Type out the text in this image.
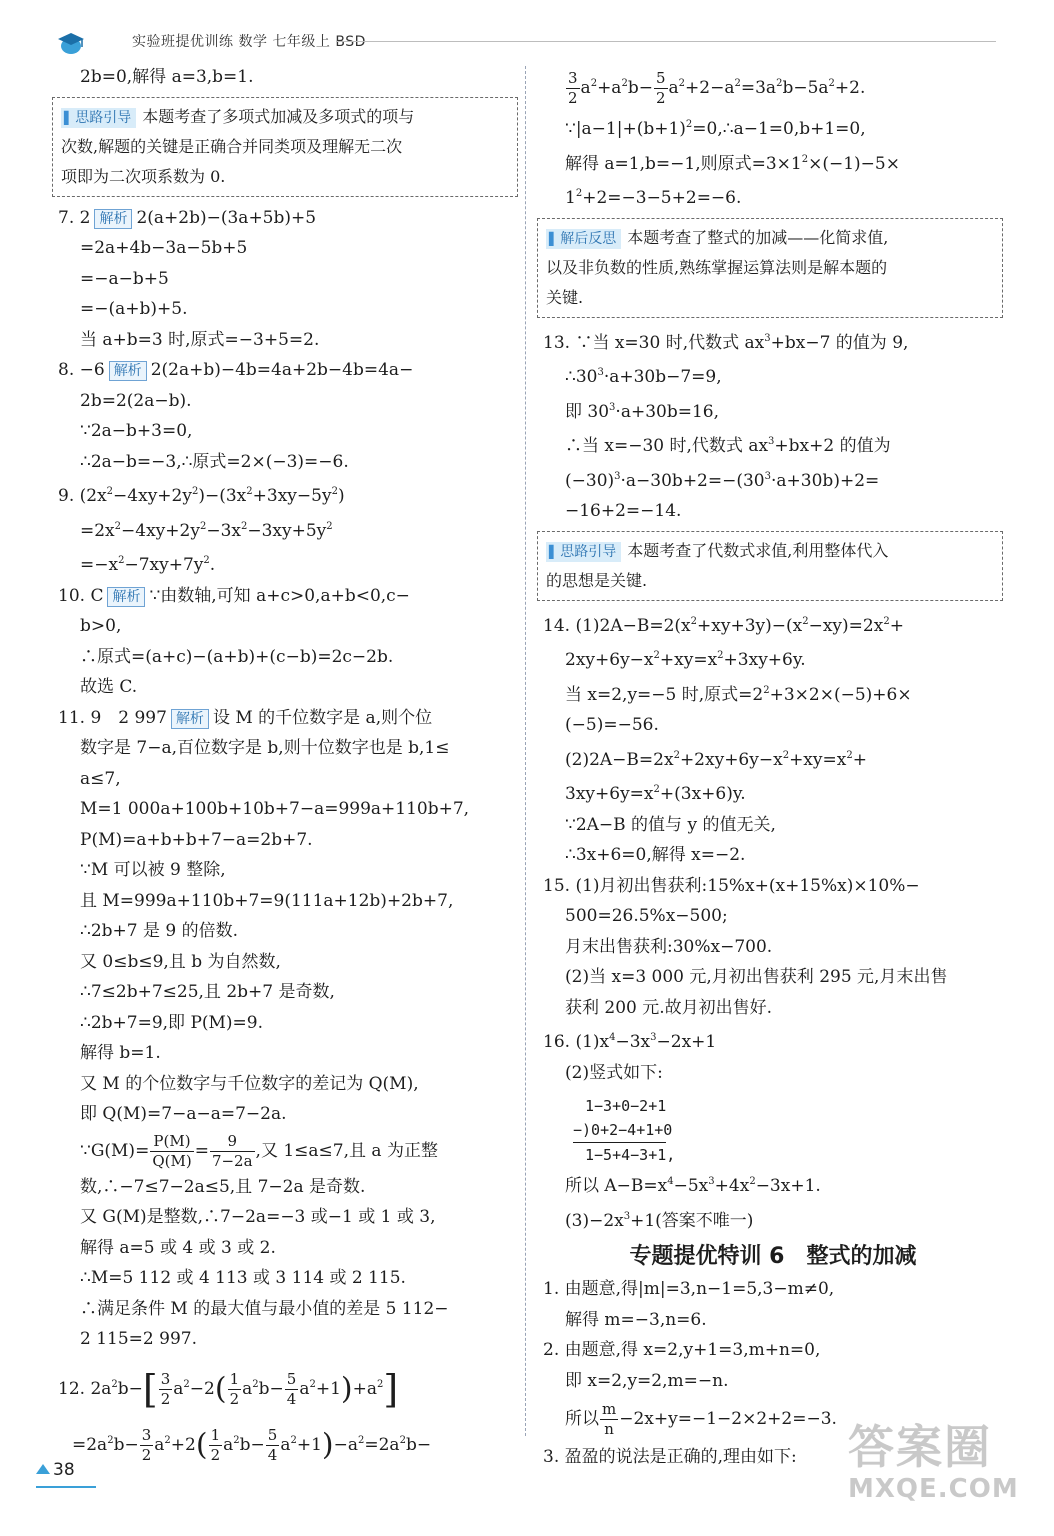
实验班提优训练 数学 七年级上 BSD
2b=0,解得 a=3,b=1.
▌ 思路引导 本题考查了多项式加减及多项式的项与
次数,解题的关键是正确合并同类项及理解无二次
项即为二次项系数为 0.
7. 2 解析 2(a+2b)−(3a+5b)+5
=2a+4b−3a−5b+5
=−a−b+5
=−(a+b)+5.
当 a+b=3 时,原式=−3+5=2.
8. −6 解析 2(2a+b)−4b=4a+2b−4b=4a−
2b=2(2a−b).
∵2a−b+3=0,
∴2a−b=−3,∴原式=2×(−3)=−6.
9. $(2x^2-4xy+2y^2)-(3x^2+3xy-5y^2)$
$=2x^2-4xy+2y^2-3x^2-3xy+5y^2$
$=-x^2-7xy+7y^2$.
10. C 解析 ∵由数轴,可知 a+c>0,a+b<0,c−
b>0,
∴原式=(a+c)−(a+b)+(c−b)=2c−2b.
故选 C.
11. 9　2 997 解析 设 M 的千位数字是 a,则个位
数字是 7−a,百位数字是 b,则十位数字也是 b,1≤
a≤7,
M=1 000a+100b+10b+7−a=999a+110b+7,
P(M)=a+b+b+7−a=2b+7.
∵M 可以被 9 整除,
且 M=999a+110b+7=9(111a+12b)+2b+7,
∴2b+7 是 9 的倍数.
又 0≤b≤9,且 b 为自然数,
∴7≤2b+7≤25,且 2b+7 是奇数,
∴2b+7=9,即 P(M)=9.
解得 b=1.
又 M 的个位数字与千位数字的差记为 Q(M),
即 Q(M)=7−a−a=7−2a.
∵G(M)= $\frac{P(M)}{Q(M)} = \frac{9}{7-2a}$ ,又 1≤a≤7,且 a 为正整
数,∴−7≤7−2a≤5,且 7−2a 是奇数.
又 G(M)是整数,∴7−2a=−3 或−1 或 1 或 3,
解得 a=5 或 4 或 3 或 2.
∴M=5 112 或 4 113 或 3 114 或 2 115.
∴满足条件 M 的最大值与最小值的差是 5 112−
2 115=2 997.
12. $2a^2b-[ \frac{3}{2} a^2-2( \frac{1}{2} a^2b- \frac{5}{4} a^2+1)+a^2]$
$=2a^2b- \frac{3}{2} a^2+2( \frac{1}{2} a^2b- \frac{5}{4} a^2+1)-a^2=2a^2b-$
$\frac{3}{2} a^2+a^2b- \frac{5}{2} a^2+2-a^2=3a^2b-5a^2+2$.
$\because|a-1|+(b+1)^2=0,\therefore a-1=0,b+1=0$,
解得 a=1,b=−1,则原式$=3\times 1^2\times(-1)-5\times$
$1^2+2=-3-5+2=-6$.
▌ 解后反思 本题考查了整式的加减——化简求值,
以及非负数的性质,熟练掌握运算法则是解本题的
关键.
13. ∵当 x=30 时,代数式 $ax^3+bx-7$ 的值为 9,
$\therefore 30^3\cdot a+30b-7=9$,
即 $30^3\cdot a+30b=16$,
∴当 x=−30 时,代数式 $ax^3+bx+2$ 的值为
$(-30)^3\cdot a-30b+2=-(30^3\cdot a+30b)+2=$
−16+2=−14.
▌ 思路引导 本题考查了代数式求值,利用整体代入
的思想是关键.
14. $(1)2A-B=2(x^2+xy+3y)-(x^2-xy)=2x^2+$
$2xy+6y-x^2+xy=x^2+3xy+6y$.
当 x=2,y=−5 时,原式$=2^2+3\times 2\times(-5)+6\times$
(−5)=−56.
$(2)2A-B=2x^2+2xy+6y-x^2+xy=x^2+$
$3xy+6y=x^2+(3x+6)y$.
∵2A−B 的值与 y 的值无关,
∴3x+6=0,解得 x=−2.
15. (1)月初出售获利:15%x+(x+15%x)×10%−
500=26.5%x−500;
月末出售获利:30%x−700.
(2)当 x=3 000 元,月初出售获利 295 元,月末出售
获利 200 元.故月初出售好.
16. $(1)x^4-3x^3-2x+1$
(2)竖式如下:
1−3+0−2+1
−)0+2−4+1+0
1−5+4−3+1,
所以 $A-B=x^4-5x^3+4x^2-3x+1$.
$(3)-2x^3+1$(答案不唯一)
专题提优特训 6　整式的加减
1. 由题意,得|m|=3,n−1=5,3−m≠0,
解得 m=−3,n=6.
2. 由题意,得 x=2,y+1=3,m+n=0,
即 x=2,y=2,m=−n.
所以 $\frac{m}{n} -2x+y=-1-2\times 2+2=-3$.
3. 盈盈的说法是正确的,理由如下:
38	答案圈
MXQE.COM
